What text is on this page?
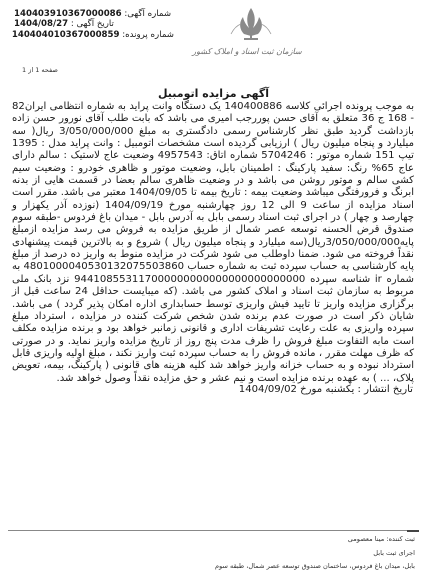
شماره آگهی: 140403910367000086
تاریخ آگهی : 1404/08/27
شماره پرونده: 140404010367000859
صفحه 1 از 1
سازمان ثبت اسناد و املاک کشور
آگهی مزایده اتومبیل
به موجب پرونده اجرائی کلاسه 140400886 یک دستگاه وانت پراید به شماره انتظامی ایران82 - 168 ج 36 متعلق به آقای حسن پوررجب امیری می باشد که بابت طلب آقای نورور حسن زاده بازداشت گردید طبق نظر کارشناس رسمی دادگستری به مبلغ 3/050/000/000 ریال( سه میلیارد و پنجاه میلیون ریال ) ارزیابی گردیده است مشخصات اتومبیل : وانت پراید مدل : 1395 تیپ 151 شماره موتور : 5704246 شماره اتاق: 4957543 وضعیت عاج لاستیک : سالم دارای عاج 65% رنگ: سفید پارکینگ : اطمینان بابل، وضعیت موتور و ظاهری خودرو : وضعیت سیم کشی سالم و موتور روشن می باشد و در وضعیت ظاهری سالم بعضا در قسمت هایی از بدنه ابرنگ و فرورفتگی میباشد وضعیت بیمه : تاریخ بیمه تا 1404/09/05 معتبر می باشد. مقرر است اسناد مزایده از ساعت 9 الی 12 روز چهارشنبه مورخ 1404/09/19 (نوزده آذر یکهزار و چهارصد و چهار ) در اجرای ثبت اسناد رسمی بابل به آدرس بابل - میدان باغ فردوس -طبقه سوم صندوق قرض الحسنه توسعه عصر شمال از طریق مزایده به فروش می رسد مزایده ازمبلغ پایه3/050/000/000ریال(سه میلیارد و پنجاه میلیون ریال ) شروع و به بالاترین قیمت پیشنهادی نقداً فروخته می شود. ضمنا داوطلب می شود شرکت در مزایده منوط به واریز ده درصد از مبلغ پایه کارشناسی به حساب سپرده ثبت به شماره حساب 4801000040530132075503860 به شماره ir شناسه سپرده 944108553117000000000000000000000000 نزد بانک ملی مربوط به سازمان ثبت اسناد و املاک کشور می باشد. (که میبایست حداقل 24 ساعت قبل از برگزاری مزایده واریز تا تایید فیش واریزی توسط حسابداری اداره امکان پذیر گردد ) می باشد. شایان ذکر است در صورت عدم برنده شدن شخص شرکت کننده در مزایده ، استرداد مبلغ سپرده واریزی به علت رعایت تشریفات اداری و قانونی زمانبر خواهد بود و برنده مزایده مکلف است مابه التفاوت مبلغ فروش را ظرف مدت پنج روز از تاریخ مزایده واریز نماید. و در صورتی که ظرف مهلت مقرر ، مانده فروش را به حساب سپرده ثبت واریز نکند ، مبلغ اولیه واریزی قابل استرداد نبوده و به حساب خزانه واریز خواهد شد کلیه هزینه های قانونی ( پارکینگ، بیمه، تعویض پلاک، ... ) به عهده برنده مزایده است و نیم عشر و حق مزایده نقداً وصول خواهد شد.
تاریخ انتشار : یکشنبه مورخ 1404/09/02
ثبت کننده: مینا معصومی
اجرای ثبت بابل
بابل، میدان باغ فردوس، ساختمان صندوق توسعه عصر شمال، طبقه سوم
